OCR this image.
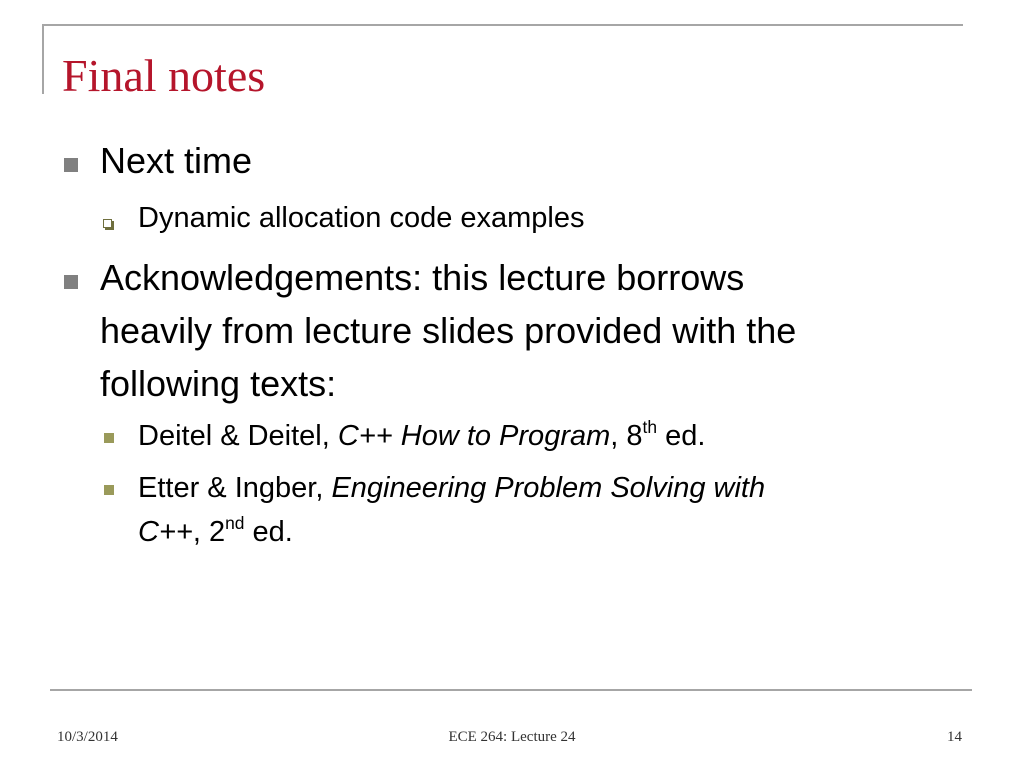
Final notes
Next time
Dynamic allocation code examples
Acknowledgements: this lecture borrows
heavily from lecture slides provided with the
following texts:
Deitel & Deitel, C++ How to Program, 8th ed.
Etter & Ingber, Engineering Problem Solving with
C++, 2nd ed.
10/3/2014	ECE 264: Lecture 24	14
